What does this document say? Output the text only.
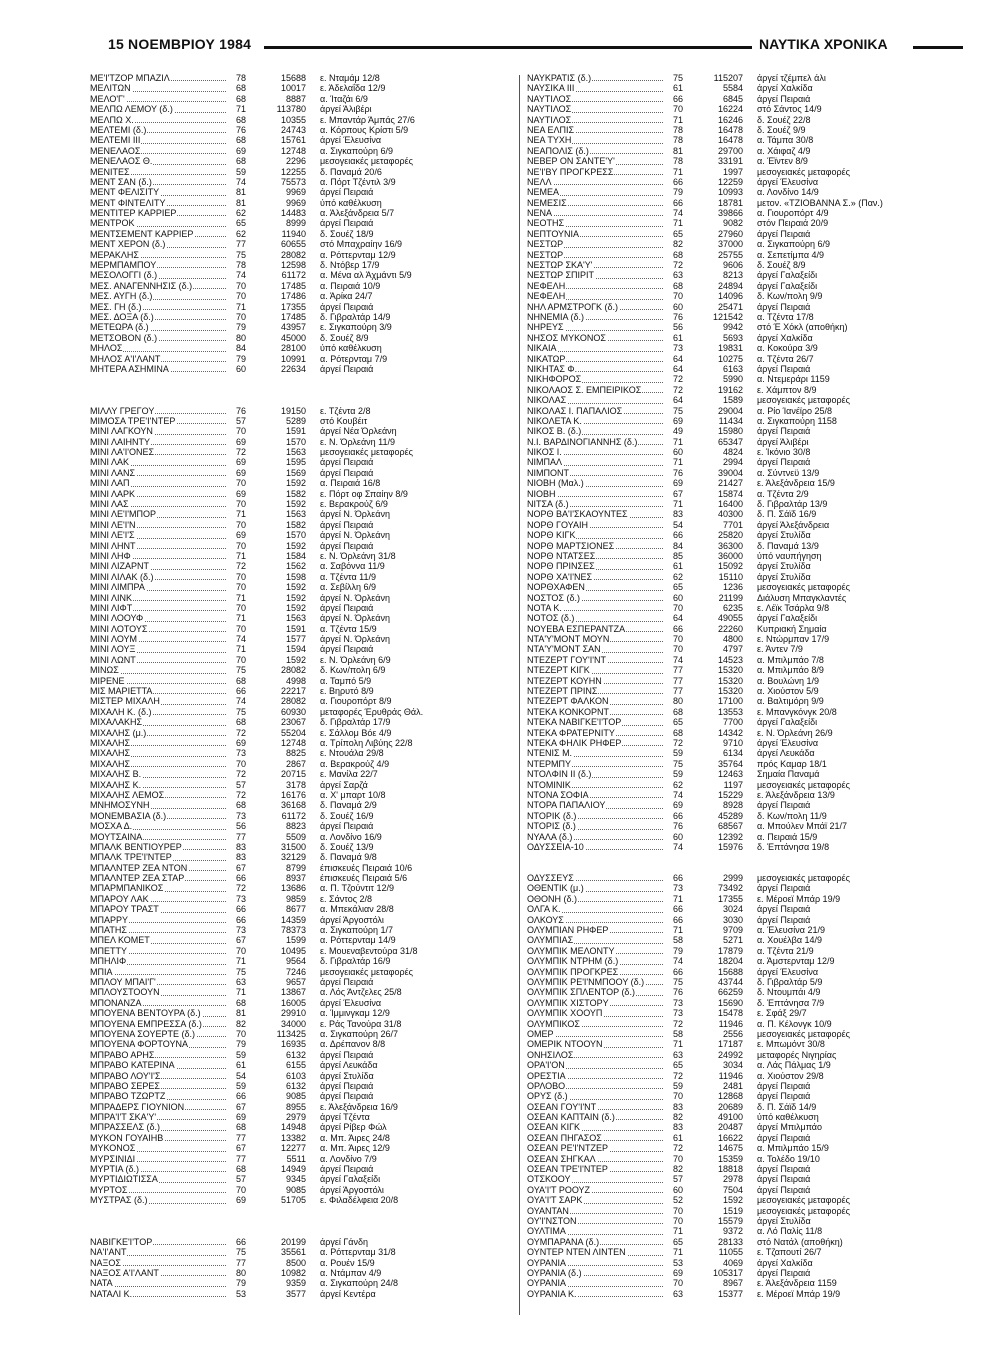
15 ΝΟΕΜΒΡΙΟΥ 1984	ΝΑΥΤΙΚΑ ΧΡΟΝΙΚΑ
ΜΕ'Ι'ΤΖΟΡ ΜΠΑΖΙΛ	78	15688	ε. Νταμάμ 12/8
ΜΕΛΙΤΩΝ	68	10017	ε. Άδελαΐδα 12/9
ΜΕΛΟ'Γ'	68	8887	α. Ίταζάι 6/9
ΜΕΛΠΩ ΛΕΜΟΥ (δ.)	71	113780	άργεί Άλιβέρι
ΜΕΛΠΩ Χ.	68	10355	ε. Μπαντάρ Άμπάς 27/6
ΜΕΛΤΕΜΙ (δ.)	76	24743	α. Κόρπους Κρίστι 5/9
ΜΕΛΤΕΜΙ III	68	15761	άργεί Έλευσίνα
ΜΕΝΕΛΑΟΣ	69	12748	α. Σιγκαπούρη 6/9
ΜΕΝΕΛΑΟΣ Θ.	68	2296	μεσογειακές μεταφορές
ΜΕΝΙΤΕΣ	59	12255	δ. Παναμά 20/6
ΜΕΝΤ ΣΑΝ (δ.)	74	75573	α. Πόρτ Τζέντιλ 3/9
ΜΕΝΤ ΦΕΛΙΣΙΤΥ	81	9969	άργεί Πειραιά
ΜΕΝΤ ΦΙΝΤΕΛΙΤΥ	81	9969	ύπό καθέλκυση
ΜΕΝΤΙΤΕΡ ΚΑΡΡΙΕΡ	62	14483	α. Άλεξάνδρεια 5/7
ΜΕΝΤΡΟΚ	65	8999	άργεί Πειραιά
ΜΕΝΤΣΕΜΕΝΤ ΚΑΡΡΙΕΡ	62	11940	δ. Σουέζ 18/9
ΜΕΝΤ ΧΕΡΟΝ (δ.)	77	60655	στό Μπαχραίην 16/9
ΜΕΡΑΚΛΗΣ	75	28082	α. Ρόττερνταμ 12/9
ΜΕΡΜΠΑΜΠΟΥ	78	12598	δ. Ντόβερ 17/9
ΜΕΣΟΛΟΓΓΙ (δ.)	74	61172	α. Μένα αλ Άχμάντι 5/9
ΜΕΣ. ΑΝΑΓΕΝΝΗΣΙΣ (δ.)	70	17485	α. Πειραιά 10/9
ΜΕΣ. ΑΥΓΗ (δ.)	70	17486	α. Άρίκα 24/7
ΜΕΣ. ΓΗ (δ.)	71	17355	άργεί Πειραιά
ΜΕΣ. ΔΟΞΑ (δ.)	70	17485	δ. Γιβραλτάρ 14/9
ΜΕΤΕΩΡΑ (δ.)	79	43957	ε. Σιγκαπούρη 3/9
ΜΕΤΣΟΒΟΝ (δ.)	80	45000	δ. Σουέζ 8/9
ΜΗΛΟΣ	84	28100	ύπό καθέλκυση
ΜΗΛΟΣ Α'Ι'ΛΑΝΤ	79	10991	α. Ρότερνταμ 7/9
ΜΗΤΕΡΑ ΑΣΗΜΙΝΑ	60	22634	άργεί Πειραιά
ΜΙΛΛΥ ΓΡΕΓΟΥ	76	19150	ε. Τζέντα 2/8
ΜΙΜΟΣΑ ΤΡΕ'Ι'ΝΤΕΡ	57	5289	στό Κουβέιτ
ΜΙΝΙ ΛΑΓΚΟΥΝ	70	1591	άργεί Νέα Όρλεάνη
ΜΙΝΙ ΛΑΙΗΝΤΥ	69	1570	ε. Ν. Όρλεάνη 11/9
ΜΙΝΙ ΛΑ'Ι'ΟΝΕΣ	72	1563	μεσογειακές μεταφορές
ΜΙΝΙ ΛΑΚ	69	1595	άργεί Πειραιά
ΜΙΝΙ ΛΑΝΣ	69	1569	άργεί Πειραιά
ΜΙΝΙ ΛΑΠ	70	1592	α. Πειραιά 16/8
ΜΙΝΙ ΛΑΡΚ	69	1582	ε. Πόρτ οφ Σπαίην 8/9
ΜΙΝΙ ΛΑΣ	70	1592	ε. Βερακρούζ 6/9
ΜΙΝΙ ΛΕ'Ι'ΜΠΟΡ	71	1563	άργεί Ν. Όρλεάνη
ΜΙΝΙ ΛΕ'Ι'Ν	70	1582	άργεί Πειραιά
ΜΙΝΙ ΛΕ'Ι'Σ	69	1570	άργεί Ν. Όρλεάνη
ΜΙΝΙ ΛΗΝΤ	70	1592	άργεί Πειραιά
ΜΙΝΙ ΛΗΦ	71	1584	ε. Ν. Όρλεάνη 31/8
ΜΙΝΙ ΛΙΖΑΡΝΤ	72	1562	α. Σαβόννα 11/9
ΜΙΝΙ ΛΙΛΑΚ (δ.)	70	1598	α. Τζέντα 11/9
ΜΙΝΙ ΛΙΜΠΡΑ	70	1592	α. Σεβίλλη 6/9
ΜΙΝΙ ΛΙΝΚ	71	1592	άργεί Ν. Όρλεάνη
ΜΙΝΙ ΛΙΦΤ	70	1592	άργεί Πειραιά
ΜΙΝΙ ΛΟΟΥΦ	71	1563	άργεί Ν. Όρλεάνη
ΜΙΝΙ ΛΟΤΟΥΣ	70	1591	α. Τζέντα 15/9
ΜΙΝΙ ΛΟΥΜ	74	1577	άργεί Ν. Όρλεάνη
ΜΙΝΙ ΛΟΥΞ	71	1594	άργεί Πειραιά
ΜΙΝΙ ΛΩΝΤ	70	1592	ε. Ν. Όρλεάνη 6/9
ΜΙΝΩΣ	75	28082	δ. Κων/πολη 6/9
ΜΙΡΕΝΕ	68	4998	α. Ταμπό 5/9
ΜΙΣ ΜΑΡΙΕΤΤΑ	66	22217	ε. Βηρυτό 8/9
ΜΙΣΤΕΡ ΜΙΧΑΛΗ	74	28082	α. Γιουροπόρτ 8/9
ΜΙΧΑΛΗ Κ. (δ.)	75	60930	μεταφορές Έρυθράς Θάλ.
ΜΙΧΑΛΑΚΗΣ	68	23067	δ. Γιβραλτάρ 17/9
ΜΙΧΑΛΗΣ (μ.)	72	55204	ε. Σάλλομ Βόε 4/9
ΜΙΧΑΛΗΣ	69	12748	α. Τρίπολη Λιβύης 22/8
ΜΙΧΑΛΗΣ	73	8825	ε. Ντουάλα 29/8
ΜΙΧΑΛΗΣ	70	2867	α. Βερακρούζ 4/9
ΜΙΧΑΛΗΣ Β.	72	20715	ε. Μανίλα 22/7
ΜΙΧΑΛΗΣ Κ.	57	3178	άργεί Σαρζά
ΜΙΧΑΛΗΣ ΛΕΜΟΣ	72	16176	α. Χ' μπαρτ 10/8
ΜΝΗΜΟΣΥΝΗ	68	36168	δ. Παναμά 2/9
ΜΟΝΕΜΒΑΣΙΑ (δ.)	73	61172	δ. Σουέζ 16/9
ΜΟΣΧΑ Δ.	56	8823	άργεί Πειραιά
ΜΟΥΤΣΑΙΝΑ	77	5509	α. Λονδίνο 16/9
ΜΠΑΛΚ ΒΕΝΤΙΟΥΡΕΡ	83	31500	δ. Σουέζ 13/9
ΜΠΑΛΚ ΤΡΕ'Ι'ΝΤΕΡ	83	32129	δ. Παναμά 9/8
ΜΠΑΛΝΤΕΡ ΖΕΑ ΝΤΟΝ	67	8799	έπισκευές Πειραιά 10/6
ΜΠΑΛΝΤΕΡ ΖΕΑ ΣΤΑΡ	66	8937	έπισκευές Πειραιά 5/6
ΜΠΑΡΜΠΑΝΙΚΟΣ	72	13686	α. Π. Τζούντιτ 12/9
ΜΠΑΡΟΥ ΛΑΚ	73	9859	ε. Σάντος 2/8
ΜΠΑΡΟΥ ΤΡΑΣΤ	66	8677	α. Μπεκάλιαν 28/8
ΜΠΑΡΡΥ	66	14359	άργεί Άργοστόλι
ΜΠΑΤΗΣ	73	78373	α. Σιγκαπούρη 1/7
ΜΠΕΛ ΚΟΜΕΤ	67	1599	α. Ρόττερνταμ 14/9
ΜΠΕΤΤΥ	70	10495	ε. Μουεναβεντούρα 31/8
ΜΠΗΛΙΦ	71	9564	δ. Γιβραλτάρ 16/9
ΜΠΙΑ	75	7246	μεσογειακές μεταφορές
ΜΠΛΟΥ ΜΠΑΙ'Γ'	63	9657	άργεί Πειραιά
ΜΠΛΟΥΣΤΟΟΥΝ	71	13867	α. Λός Άντζελες 25/8
ΜΠΟΝΑΝΖΑ	68	16005	άργεί Έλευσίνα
ΜΠΟΥΕΝΑ ΒΕΝΤΟΥΡΑ (δ.)	81	29910	α. Ίμμινγκαμ 12/9
ΜΠΟΥΕΝΑ ΕΜΠΡΕΣΣΑ (δ.)	82	34000	ε. Ράς Τανούρα 31/8
ΜΠΟΥΕΝΑ ΣΟΥΕΡΤΕ (δ.)	70	113425	α. Σιγκαπούρη 26/7
ΜΠΟΥΕΝΑ ΦΟΡΤΟΥΝΑ	79	16935	α. Δρέπανον 8/8
ΜΠΡΑΒΟ ΑΡΗΣ	59	6132	άργεί Πειραιά
ΜΠΡΑΒΟ ΚΑΤΕΡΙΝΑ	61	6155	άργεί Λευκάδα
ΜΠΡΑΒΟ ΛΟΥ'Ι'Σ	54	6103	άργεί Στυλίδα
ΜΠΡΑΒΟ ΣΕΡΕΣ	59	6132	άργεί Πειραιά
ΜΠΡΑΒΟ ΤΖΩΡΤΖ	66	9085	άργεί Πειραιά
ΜΠΡΑΔΕΡΣ ΓΙΟΥΝΙΟΝ	67	8955	ε. Άλεξάνδρεια 16/9
ΜΠΡΑ'Ι'Τ ΣΚΑ'Υ'	69	2979	άργεί Τζέντα
ΜΠΡΑΣΣΕΛΣ (δ.)	68	14948	άργεί Ρίβερ Φώλ
ΜΥΚΟΝ ΓΟΥΑΙΗΒ	77	13382	α. Μπ. Άιρες 24/8
ΜΥΚΟΝΟΣ	67	12277	α. Μπ. Άιρες 12/9
ΜΥΡΣΙΝΙΔΙ	77	5511	α. Λονδίνο 7/9
ΜΥΡΤΙΑ (δ.)	68	14949	άργεί Πειραιά
ΜΥΡΤΙΔΙΩΤΙΣΣΑ	57	9345	άργεί Γαλαξείδι
ΜΥΡΤΟΣ	70	9085	άργεί Άργοστόλι
ΜΥΣΤΡΑΣ (δ.)	69	51705	ε. Φιλαδέλφεια 20/8
ΝΑΒΙΓΚΕ'Ι'ΤΟΡ	66	20199	άργεί Γάνδη
ΝΑ'Ι'ΑΝΤ	75	35561	α. Ρόττερνταμ 31/8
ΝΑΞΟΣ	77	8500	α. Ρουέν 15/9
ΝΑΞΟΣ Α'Ι'ΛΑΝΤ	80	10982	α. Ντάμπαν 4/9
ΝΑΤΑ	79	9359	α. Σιγκαπούρη 24/8
ΝΑΤΑΛΙ Κ.	53	3577	άργεί Κεντέρα
ΝΑΥΚΡΑΤΙΣ (δ.)	75	115207	άργεί τζέμπελ άλι
ΝΑΥΣΙΚΑ III	61	5584	άργεί Χαλκίδα
ΝΑΥΤΙΛΟΣ	66	6845	άργεί Πειραιά
ΝΑΥΤΙΛΟΣ	70	16224	στό Σάντος 14/9
ΝΑΥΤΙΛΟΣ	71	16246	δ. Σουέζ 22/8
ΝΕΑ ΕΛΠΙΣ	78	16478	δ. Σουέζ 9/9
ΝΕΑ ΤΥΧΗ	78	16478	α. Τάμπα 30/8
ΝΕΑΠΟΛΙΣ (δ.)	81	29700	α. Χάιφαζ 4/9
ΝΕΒΕΡ ΟΝ ΣΑΝΤΕ'Υ'	78	33191	α. Έϊντεν 8/9
ΝΕ'Ι'ΒΥ ΠΡΟΓΚΡΕΣΣ	71	1997	μεσογειακές μεταφορές
ΝΕΛΛ	66	12259	άργεί Έλευσίνα
ΝΕΜΕΑ	79	10993	α. Λονδίνο 14/9
ΝΕΜΕΣΙΣ	66	18781	μετον. «ΤΖΙΟΒΑΝΝΑ Σ.» (Παν.)
ΝΕΝΑ	74	39866	α. Γιουροπόρτ 4/9
ΝΕΟΤΗΣ	71	9082	στόν Πειραιά 20/9
ΝΕΠΤΟΥΝΙΑ	65	27960	άργεί Πειραιά
ΝΕΣΤΩΡ	82	37000	α. Σιγκαπούρη 6/9
ΝΕΣΤΩΡ	68	25755	α. Σεπετίμπα 4/9
ΝΕΣΤΩΡ ΣΚΑ'Υ'	72	9606	δ. Σουέζ 8/9
ΝΕΣΤΩΡ ΣΠΙΡΙΤ	63	8213	άργεί Γαλαξείδι
ΝΕΦΕΛΗ	68	24894	άργεί Γαλαξείδι
ΝΕΦΕΛΗ	70	14096	δ. Κων/πολη 9/9
ΝΗΛ ΑΡΜΣΤΡΟΓΚ (δ.)	60	25471	άργεί Πειραιά
ΝΗΝΕΜΙΑ (δ.)	76	121542	α. Τζέντα 17/8
ΝΗΡΕΥΣ	56	9942	στό Έ Χόκλ (αποθήκη)
ΝΗΣΟΣ ΜΥΚΟΝΟΣ	61	5693	άργεί Χαλκίδα
ΝΙΚΑΙΑ	73	19831	α. Κοκούρα 3/9
ΝΙΚΑΤΩΡ	64	10275	α. Τζέντα 26/7
ΝΙΚΗΤΑΣ Φ.	64	6163	άργεί Πειραιά
ΝΙΚΗΦΟΡΟΣ	72	5990	α. Ντεμεράρι 1159
ΝΙΚΟΛΑΟΣ Σ. ΕΜΠΕΙΡΙΚΟΣ	72	19162	ε. Χάμπτον 8/9
ΝΙΚΟΛΑΣ	64	1589	μεσογειακές μεταφορές
ΝΙΚΟΛΑΣ Ι. ΠΑΠΑΛΙΟΣ	75	29004	α. Ρίο Ίανέϊρο 25/8
ΝΙΚΟΛΕΤΑ Κ.	69	11434	α. Σιγκαπούρη 1158
ΝΙΚΟΣ Β. (δ.)	49	15980	άργεί Πειραιά
Ν.Ι. ΒΑΡΔΙΝΟΓΙΑΝΝΗΣ (δ.)	71	65347	άργεί Άλιβέρι
ΝΙΚΟΣ Ι.	60	4824	ε. Ίκόνιο 30/8
ΝΙΜΠΑΛ	71	2994	άργεί Πειραιά
ΝΙΜΠΟΝΤ	76	39004	α. Σύντνεϋ 13/9
ΝΙΟΒΗ (Μαλ.)	69	21427	ε. Άλεξάνδρεια 15/9
ΝΙΟΒΗ	67	15874	α. Τζέντα 2/9
ΝΙΤΣΑ (δ.)	71	16400	δ. Γιβραλτάρ 13/9
ΝΟΡΘ ΒΑ'Ι'ΣΚΑΟΥΝΤΕΣ	83	40300	δ. Π. Σάϊδ 16/9
ΝΟΡΘ ΓΟΥΑΙΗ	54	7701	άργεί Άλεξάνδρεια
ΝΟΡΘ ΚΙΓΚ	66	25820	άργεί Στυλίδα
ΝΟΡΘ ΜΑΡΤΣΙΟΝΕΣ	84	36300	δ. Παναμά 13/9
ΝΟΡΘ ΝΤΑΤΣΕΣ	85	36000	ύπό ναυπήγηση
ΝΟΡΘ ΠΡΙΝΣΕΣ	61	15092	άργεί Στυλίδα
ΝΟΡΘ ΧΑ'Ι'ΝΕΣ	62	15110	άργεί Στυλίδα
ΝΟΡΘΧΑΦΕΝ	65	1236	μεσογειακές μεταφορές
ΝΟΣΤΟΣ (δ.)	60	21199	Διάλυση Μπαγκλαντές
ΝΟΤΑ Κ.	70	6235	ε. Λέϊκ Τσάρλα 9/8
ΝΟΤΟΣ (δ.)	64	49055	άργεί Γαλαξείδι
ΝΟΥΕΒΑ ΕΣΠΕΡΑΝΤΖΑ	66	22260	Κυπριακή Σημαία
ΝΤΑ'Υ'ΜΟΝΤ ΜΟΥΝ	70	4800	ε. Ντώρμπαν 17/9
ΝΤΑ'Υ'ΜΟΝΤ ΣΑΝ	70	4797	ε. Άντεν 7/9
ΝΤΕΖΕΡΤ ΓΟΥ'Ι'ΝΤ	74	14523	α. Μπιλμπάο 7/8
ΝΤΕΖΕΡΤ ΚΙΓΚ	77	15320	α. Μπιλμπάο 8/9
ΝΤΕΖΕΡΤ ΚΟΥΗΝ	77	15320	α. Βουλώνη 1/9
ΝΤΕΖΕΡΤ ΠΡΙΝΣ	77	15320	α. Χιούστον 5/9
ΝΤΕΖΕΡΤ ΦΑΛΚΟΝ	80	17100	α. Βαλτιμόρη 9/9
ΝΤΕΚΑ ΚΟΝΚΟΡΝΤ	68	13553	ε. Μπανγκόνγκ 20/8
ΝΤΕΚΑ ΝΑΒΙΓΚΕ'Ι'ΤΟΡ	65	7700	άργεί Γαλαξείδι
ΝΤΕΚΑ ΦΡΑΤΕΡΝΙΤΥ	68	14342	ε. Ν. Όρλεάνη 26/9
ΝΤΕΚΑ ΦΗΛΙΚ ΡΗΦΕΡ	72	9710	άργεί Έλευσίνα
ΝΤΕΝΙΣ Μ.	59	6134	άργεί Λευκάδα
ΝΤΕΡΜΠΥ	75	35764	πρός Καμαρ 18/1
ΝΤΟΛΦΙΝ II (δ.)	59	12463	Σημαία Παναμά
ΝΤΟΜΙΝΙΚ	62	1197	μεσογειακές μεταφορές
ΝΤΟΝΑ ΣΟΦΙΑ	74	15229	ε. Άλεξάνδρεια 13/9
ΝΤΟΡΑ ΠΑΠΑΛΙΟΥ	69	8928	άργεί Πειραιά
ΝΤΟΡΙΚ (δ.)	66	45289	δ. Κων/πολη 11/9
ΝΤΟΡΙΣ (δ.)	76	68567	α. Μπούλεν Μπάϊ 21/7
ΝΥΑΛΑ (δ.)	60	12392	α. Πειραιά 15/9
ΟΔΥΣΣΕΙΑ-10	74	15976	δ. Έπτάνησα 19/8
ΟΔΥΣΣΕΥΣ	66	2999	μεσογειακές μεταφορές
ΟΘΕΝΤΙΚ (μ.)	73	73492	άργεί Πειραιά
ΟΘΟΝΗ (δ.)	71	17355	ε. Μέροεϊ Μπάρ 19/9
ΟΛΓΑ Κ.	66	3024	άργεί Πειραιά
ΟΛΚΟΥΣ	66	3030	άργεί Πειραιά
ΟΛΥΜΠΙΑΝ ΡΗΦΕΡ	71	9709	α. Έλευσίνα 21/9
ΟΛΥΜΠΙΑΣ	58	5271	α. Χουέλβα 14/9
ΟΛΥΜΠΙΚ ΜΕΛΟΝΤΥ	79	17879	α. Τζέντα 21/9
ΟΛΥΜΠΙΚ ΝΤΡΗΜ (δ.)	74	18204	α. Άμστερνταμ 12/9
ΟΛΥΜΠΙΚ ΠΡΟΓΚΡΕΣ	66	15688	άργεί Έλευσίνα
ΟΛΥΜΠΙΚ ΡΕ'Ι'ΝΜΠΟΟΥ (δ.)	75	43744	δ. Γιβραλτάρ 5/9
ΟΛΥΜΠΙΚ ΣΠΛΕΝΤΟΡ (δ.)	76	66259	δ. Ντουμπάι 4/9
ΟΛΥΜΠΙΚ ΧΙΣΤΟΡΥ	73	15690	δ. Έπτάνησα 7/9
ΟΛΥΜΠΙΚ ΧΟΟΥΠ	73	15478	ε. Σφάξ 29/7
ΟΛΥΜΠΙΚΟΣ	72	11946	α. Π. Κέλονγκ 10/9
ΟΜΕΡ	58	2556	μεσογειακές μεταφορές
ΟΜΕΡΙΚ ΝΤΟΟΥΝ	71	17187	ε. Μπωμόντ 30/8
ΟΝΗΣΙΛΟΣ	63	24992	μεταφορές Νιγηρίας
ΟΡΑ'Ι'ΟΝ	65	3034	α. Λάς Πάλμας 1/9
ΟΡΕΣΤΙΑ	72	11946	α. Χιούστον 29/8
ΟΡΛΟΒΟ	59	2481	άργεί Πειραιά
ΟΡΥΣ (δ.)	70	12868	άργεί Πειραιά
ΟΣΕΑΝ ΓΟΥ'Ι'ΝΤ	83	20689	δ. Π. Σάϊδ 14/9
ΟΣΕΑΝ ΚΑΠΤΑΙΝ (δ.)	82	49100	ύπό καθέλκυση
ΟΣΕΑΝ ΚΙΓΚ	83	20487	άργεί Μπιλμπάο
ΟΣΕΑΝ ΠΗΓΑΣΟΣ	61	16622	άργεί Πειραιά
ΟΣΕΑΝ ΡΕ'Ι'ΝΤΖΕΡ	72	14675	α. Μπιλμπάο 15/9
ΟΣΕΑΝ ΣΗΓΚΑΛ	70	15359	α. Τολέδο 19/10
ΟΣΕΑΝ ΤΡΕ'Ι'ΝΤΕΡ	82	18818	άργεί Πειραιά
ΟΤΣΚΟΟΥ	57	2978	άργεί Πειραιά
ΟΥΑ'Ι'Τ ΡΟΟΥΖ	60	7504	άργεί Πειραιά
ΟΥΑ'Ι'Τ ΣΑΡΚ	52	1592	μεσογειακές μεταφορές
ΟΥΑΝΤΑΝ	70	1519	μεσογειακές μεταφορές
ΟΥ'Ι'ΝΣΤΟΝ	70	15579	άργεί Στυλίδα
ΟΥΛΤΙΜΑ	71	9372	α. Λό Παλίς 11/8
ΟΥΜΠΑΡΑΝΑ (δ.)	65	28133	στό Νατάλ (αποθήκη)
ΟΥΝΤΕΡ ΝΤΕΝ ΛΙΝΤΕΝ	71	11055	ε. Τζαπουτί 26/7
ΟΥΡΑΝΙΑ	53	4069	άργεί Χαλκίδα
ΟΥΡΑΝΙΑ (δ.)	69	105317	άργεί Πειραιά
ΟΥΡΑΝΙΑ	70	8967	ε. Άλεξάνδρεια 1159
ΟΥΡΑΝΙΑ Κ.	63	15377	ε. Μέροεϊ Μπάρ 19/9
